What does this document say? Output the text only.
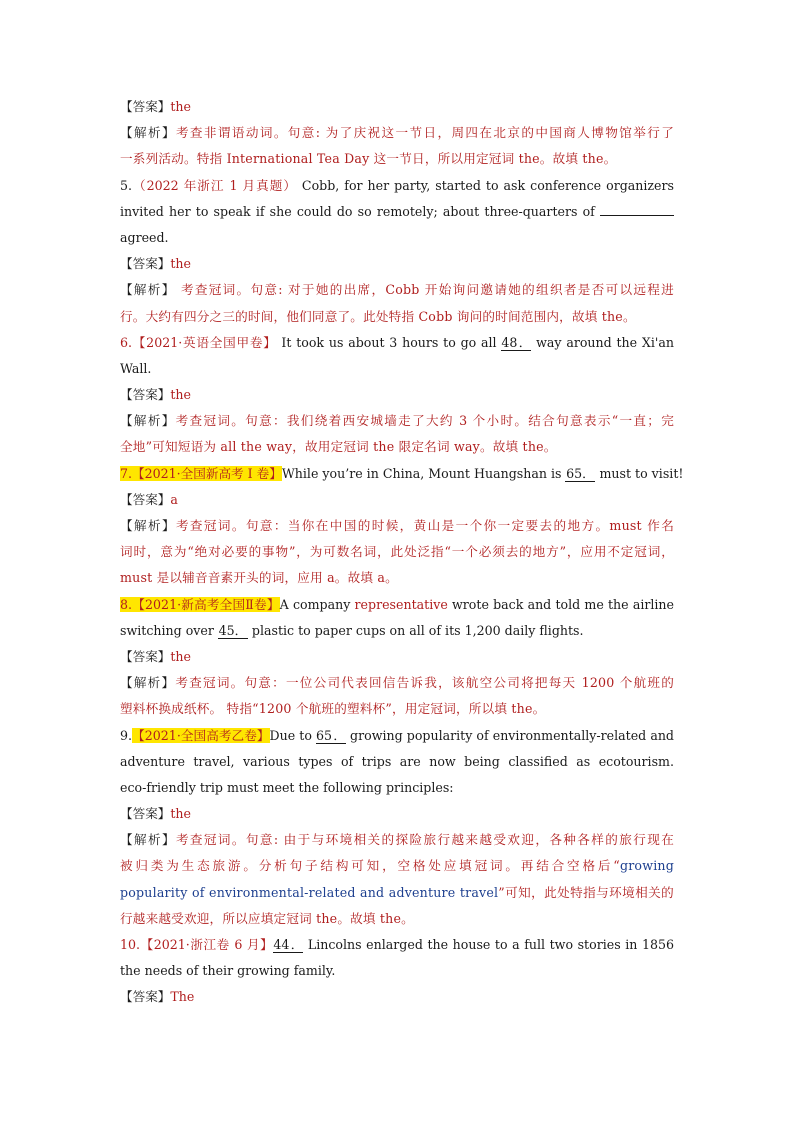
【答案】the
【解析】考查非谓语动词。句意: 为了庆祝这一节日，周四在北京的中国商人博物馆举行了
一系列活动。特指 International Tea Day 这一节日，所以用定冠词 the。故填 the。
5.（2022 年浙江 1 月真题） Cobb, for her party, started to ask conference organizers
invited her to speak if she could do so remotely; about three-quarters of
agreed.
【答案】the
【解析】 考查冠词。句意: 对于她的出席，Cobb 开始询问邀请她的组织者是否可以远程进
行。大约有四分之三的时间，他们同意了。此处特指 Cobb 询问的时间范围内，故填 the。
6.【2021·英语全国甲卷】 It took us about 3 hours to go all 48． way around the Xi'an
Wall.
【答案】the
【解析】考查冠词。句意：我们绕着西安城墙走了大约 3 个小时。结合句意表示“一直；完
全地”可知短语为 all the way，故用定冠词 the 限定名词 way。故填 the。
7.【2021·全国新高考 I 卷】While you’re in China, Mount Huangshan is 65． must to visit!
【答案】a
【解析】考查冠词。句意：当你在中国的时候，黄山是一个你一定要去的地方。must 作名
词时，意为“绝对必要的事物”，为可数名词，此处泛指“一个必须去的地方”，应用不定冠词，
must 是以辅音音素开头的词，应用 a。故填 a。
8.【2021·新高考全国Ⅱ卷】A company representative wrote back and told me the airline
switching over 45． plastic to paper cups on all of its 1,200 daily flights.
【答案】the
【解析】考查冠词。句意：一位公司代表回信告诉我，该航空公司将把每天 1200 个航班的
塑料杯换成纸杯。 特指“1200 个航班的塑料杯”，用定冠词，所以填 the。
9.【2021·全国高考乙卷】Due to 65． growing popularity of environmentally-related and
adventure travel, various types of trips are now being classified as ecotourism.
eco-friendly trip must meet the following principles:
【答案】the
【解析】考查冠词。句意: 由于与环境相关的探险旅行越来越受欢迎，各种各样的旅行现在
被归类为生态旅游。分析句子结构可知，空格处应填冠词。再结合空格后“growing
popularity of environmental-related and adventure travel”可知，此处特指与环境相关的
行越来越受欢迎，所以应填定冠词 the。故填 the。
10.【2021·浙江卷 6 月】44． Lincolns enlarged the house to a full two stories in 1856
the needs of their growing family.
【答案】The
